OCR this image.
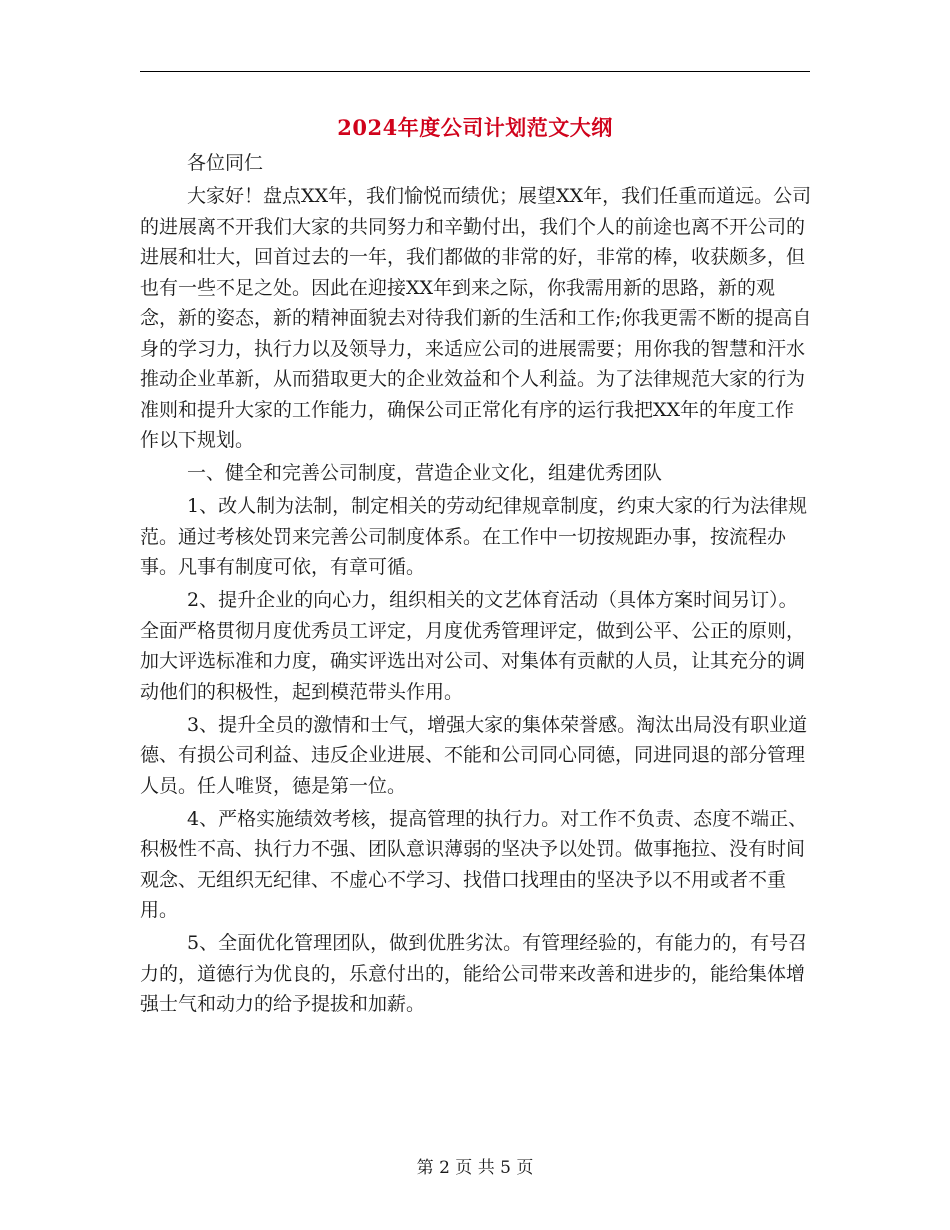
2024年度公司计划范文大纲

各位同仁

大家好！盘点XX年，我们愉悦而绩优；展望XX年，我们任重而道远。公司的进展离不开我们大家的共同努力和辛勤付出，我们个人的前途也离不开公司的进展和壮大，回首过去的一年，我们都做的非常的好，非常的棒，收获颇多，但也有一些不足之处。因此在迎接XX年到来之际，你我需用新的思路，新的观念，新的姿态，新的精神面貌去对待我们新的生活和工作;你我更需不断的提高自身的学习力，执行力以及领导力，来适应公司的进展需要；用你我的智慧和汗水推动企业革新，从而猎取更大的企业效益和个人利益。为了法律规范大家的行为准则和提升大家的工作能力，确保公司正常化有序的运行我把XX年的年度工作作以下规划。

一、健全和完善公司制度，营造企业文化，组建优秀团队

1、改人制为法制，制定相关的劳动纪律规章制度，约束大家的行为法律规范。通过考核处罚来完善公司制度体系。在工作中一切按规距办事，按流程办事。凡事有制度可依，有章可循。

2、提升企业的向心力，组织相关的文艺体育活动（具体方案时间另订）。全面严格贯彻月度优秀员工评定，月度优秀管理评定，做到公平、公正的原则，加大评选标准和力度，确实评选出对公司、对集体有贡献的人员，让其充分的调动他们的积极性，起到模范带头作用。

3、提升全员的激情和士气，增强大家的集体荣誉感。淘汰出局没有职业道德、有损公司利益、违反企业进展、不能和公司同心同德，同进同退的部分管理人员。任人唯贤，德是第一位。

4、严格实施绩效考核，提高管理的执行力。对工作不负责、态度不端正、积极性不高、执行力不强、团队意识薄弱的坚决予以处罚。做事拖拉、没有时间观念、无组织无纪律、不虚心不学习、找借口找理由的坚决予以不用或者不重用。

5、全面优化管理团队，做到优胜劣汰。有管理经验的，有能力的，有号召力的，道德行为优良的，乐意付出的，能给公司带来改善和进步的，能给集体增强士气和动力的给予提拔和加薪。

第 2 页 共 5 页
